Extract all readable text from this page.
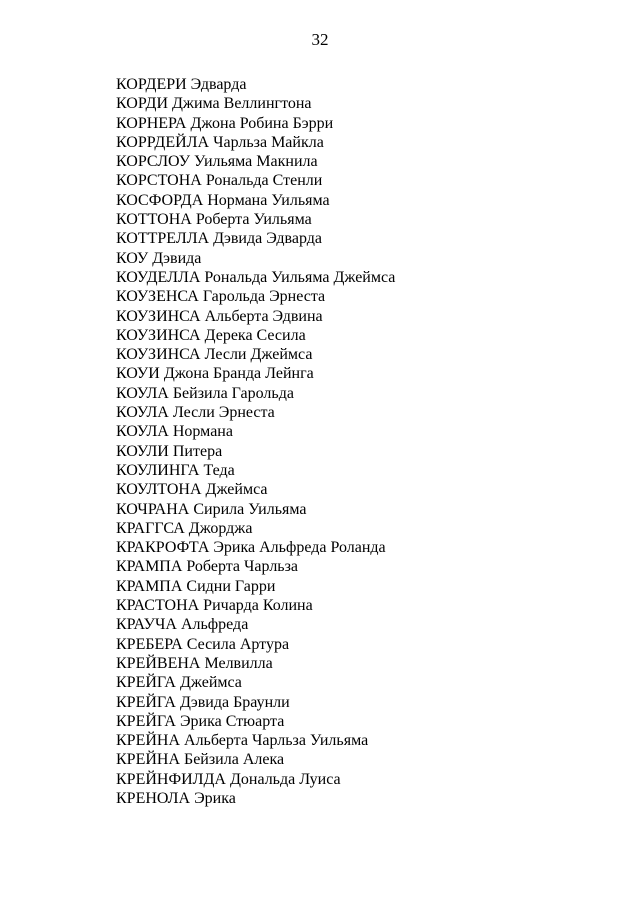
32
КОРДЕРИ Эдварда
КОРДИ Джима Веллингтона
КОРНЕРА Джона Робина Бэрри
КОРРДЕЙЛА Чарльза Майкла
КОРСЛОУ Уильяма Макнила
КОРСТОНА Рональда Стенли
КОСФОРДА Нормана Уильяма
КОТТОНА Роберта Уильяма
КОТТРЕЛЛА Дэвида Эдварда
КОУ Дэвида
КОУДЕЛЛА Рональда Уильяма Джеймса
КОУЗЕНСА Гарольда Эрнеста
КОУЗИНСА Альберта Эдвина
КОУЗИНСА Дерека Сесила
КОУЗИНСА Лесли Джеймса
КОУИ Джона Бранда Лейнга
КОУЛА Бейзила Гарольда
КОУЛА Лесли Эрнеста
КОУЛА Нормана
КОУЛИ Питера
КОУЛИНГА Теда
КОУЛТОНА Джеймса
КОЧРАНА Сирила Уильяма
КРАГГСА Джорджа
КРАКРОФТА Эрика Альфреда Роланда
КРАМПА Роберта Чарльза
КРАМПА Сидни Гарри
КРАСТОНА Ричарда Колина
КРАУЧА Альфреда
КРЕБЕРА Сесила Артура
КРЕЙВЕНА Мелвилла
КРЕЙГА Джеймса
КРЕЙГА Дэвида Браунли
КРЕЙГА Эрика Стюарта
КРЕЙНА Альберта Чарльза Уильяма
КРЕЙНА Бейзила Алека
КРЕЙНФИЛДА Дональда Луиса
КРЕНОЛА Эрика
